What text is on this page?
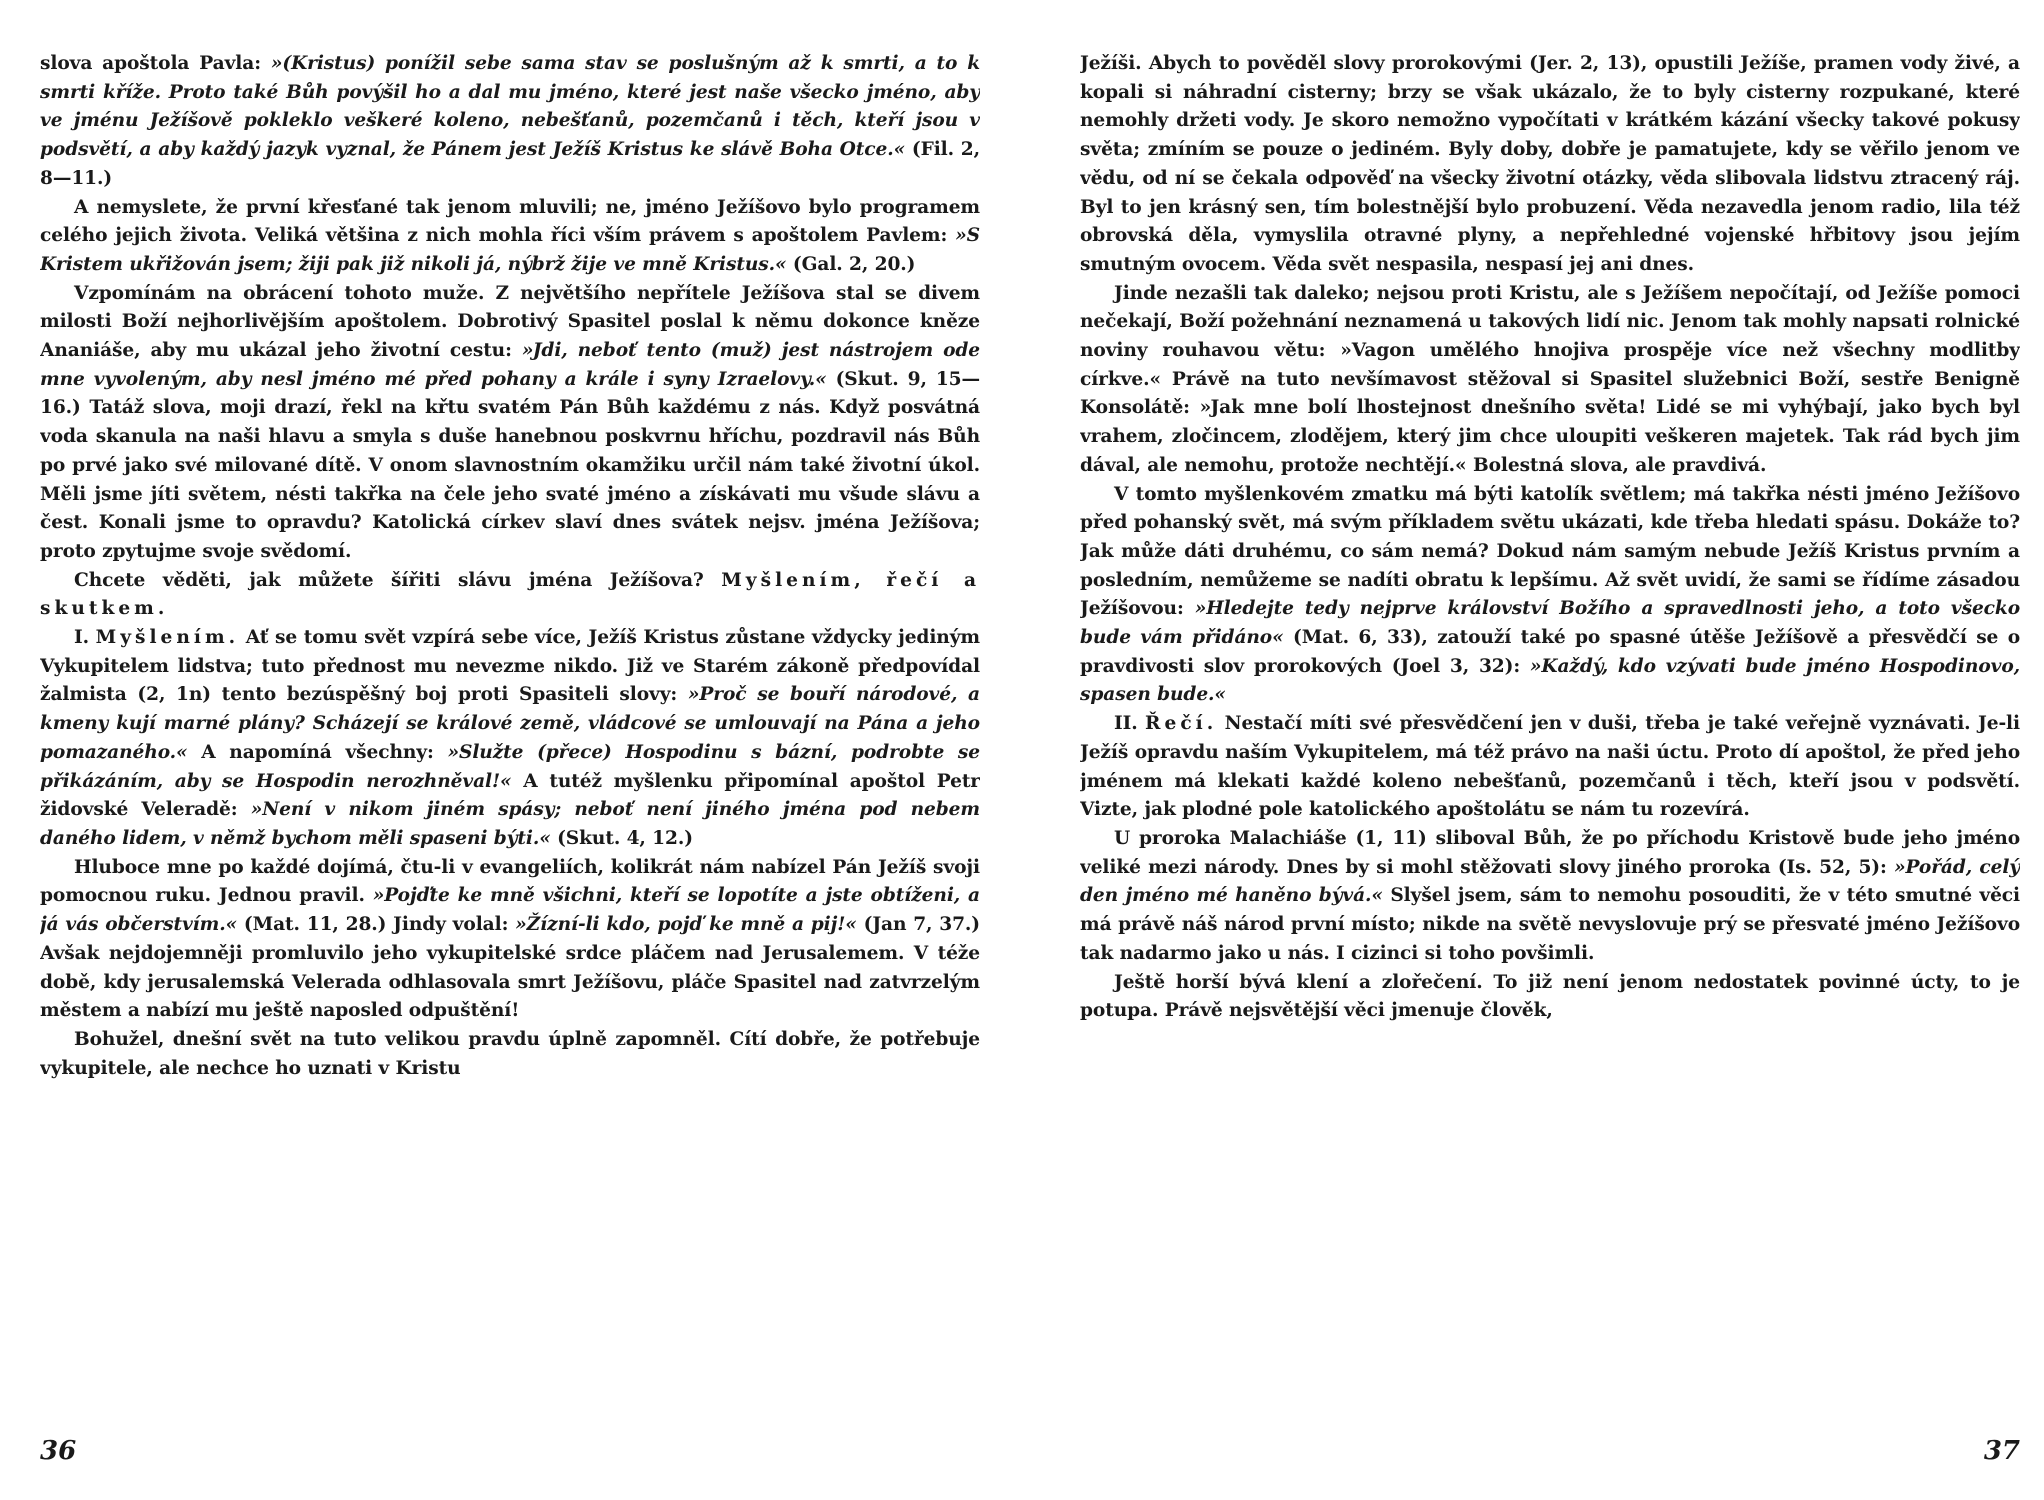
slova apoštola Pavla: »(Kristus) ponížil sebe sama stav se poslušným až k smrti, a to k smrti kříže. Proto také Bůh povýšil ho a dal mu jméno, které jest naše všecko jméno, aby ve jménu Ježíšově pokleklo veškeré koleno, nebešťanů, pozemčanů i těch, kteří jsou v podsvětí, a aby každý jazyk vyznal, že Pánem jest Ježíš Kristus ke slávě Boha Otce.« (Fil. 2, 8—11.)

A nemyslete, že první křesťané tak jenom mluvili; ne, jméno Ježíšovo bylo programem celého jejich života. Veliká většina z nich mohla říci vším právem s apoštolem Pavlem: »S Kristem ukřižován jsem; žiji pak již nikoli já, nýbrž žije ve mně Kristus.« (Gal. 2, 20.)

Vzpomínám na obrácení tohoto muže. Z největšího nepřítele Ježíšova stal se divem milosti Boží nejhorlivějším apoštolem. Dobrotivý Spasitel poslal k němu dokonce kněze Ananiáše, aby mu ukázal jeho životní cestu: »Jdi, neboť tento (muž) jest nástrojem ode mne vyvoleným, aby nesl jméno mé před pohany a krále i syny Izraelovy.« (Skut. 9, 15—16.) Tatáž slova, moji drazí, řekl na křtu svatém Pán Bůh každému z nás. Když posvátná voda skanula na naši hlavu a smyla s duše hanebnou poskvrnu hříchu, pozdravil nás Bůh po prvé jako své milované dítě. V onom slavnostním okamžiku určil nám také životní úkol. Měli jsme jíti světem, nésti takřka na čele jeho svaté jméno a získávati mu všude slávu a čest. Konali jsme to opravdu? Katolická církev slaví dnes svátek nejsv. jména Ježíšova; proto zpytujme svoje svědomí.

Chcete věděti, jak můžete šířiti slávu jména Ježíšova? Myšlením, řečí a skutkem.

I. Myšlením. Ať se tomu svět vzpírá sebe více, Ježíš Kristus zůstane vždycky jediným Vykupitelem lidstva; tuto přednost mu nevezme nikdo. Již ve Starém zákoně předpovídal žalmista (2, 1n) tento bezúspěšný boj proti Spasiteli slovy: »Proč se bouří národové, a kmeny kují marné plány? Scházejí se králové země, vládcové se umlouvají na Pána a jeho pomazaného.« A napomíná všechny: »Služte (přece) Hospodinu s bázní, podrobte se přikázáním, aby se Hospodin nerozhněval!« A tutéž myšlenku připomínal apoštol Petr židovské Veleradě: »Není v nikom jiném spásy; neboť není jiného jména pod nebem daného lidem, v němž bychom měli spaseni býti.« (Skut. 4, 12.)

Hluboce mne po každé dojímá, čtu-li v evangeliích, kolikrát nám nabízel Pán Ježíš svoji pomocnou ruku. Jednou pravil. »Pojďte ke mně všichni, kteří se lopotíte a jste obtíženi, a já vás občerstvím.« (Mat. 11, 28.) Jindy volal: »Žízní-li kdo, pojď ke mně a pij!« (Jan 7, 37.) Avšak nejdojemněji promluvilo jeho vykupitelské srdce pláčem nad Jerusalemem. V téže době, kdy jerusalemská Velerada odhlasovala smrt Ježíšovu, pláče Spasitel nad zatvrzelým městem a nabízí mu ještě naposled odpuštění!

Bohužel, dnešní svět na tuto velikou pravdu úplně zapomněl. Cítí dobře, že potřebuje vykupitele, ale nechce ho uznati v Kristu

36

Ježíši. Abych to pověděl slovy prorokovými (Jer. 2, 13), opustili Ježíše, pramen vody živé, a kopali si náhradní cisterny; brzy se však ukázalo, že to byly cisterny rozpukané, které nemohly držeti vody. Je skoro nemožno vypočítati v krátkém kázání všecky takové pokusy světa; zmíním se pouze o jediném. Byly doby, dobře je pamatujete, kdy se věřilo jenom ve vědu, od ní se čekala odpověď na všecky životní otázky, věda slibovala lidstvu ztracený ráj. Byl to jen krásný sen, tím bolestnější bylo probuzení. Věda nezavedla jenom radio, lila též obrovská děla, vymyslila otravné plyny, a nepřehledné vojenské hřbitovy jsou jejím smutným ovocem. Věda svět nespasila, nespasí jej ani dnes.

Jinde nezašli tak daleko; nejsou proti Kristu, ale s Ježíšem nepočítají, od Ježíše pomoci nečekají, Boží požehnání neznamená u takových lidí nic. Jenom tak mohly napsati rolnické noviny rouhavou větu: »Vagon umělého hnojiva prospěje více než všechny modlitby církve.« Právě na tuto nevšímavost stěžoval si Spasitel služebnici Boží, sestře Benigně Konsolátě: »Jak mne bolí lhostejnost dnešního světa! Lidé se mi vyhýbají, jako bych byl vrahem, zločincem, zlodějem, který jim chce uloupiti veškeren majetek. Tak rád bych jim dával, ale nemohu, protože nechtějí.« Bolestná slova, ale pravdivá.

V tomto myšlenkovém zmatku má býti katolík světlem; má takřka nésti jméno Ježíšovo před pohanský svět, má svým příkladem světu ukázati, kde třeba hledati spásu. Dokáže to? Jak může dáti druhému, co sám nemá? Dokud nám samým nebude Ježíš Kristus prvním a posledním, nemůžeme se nadíti obratu k lepšímu. Až svět uvidí, že sami se řídíme zásadou Ježíšovou: »Hledejte tedy nejprve království Božího a spravedlnosti jeho, a toto všecko bude vám přidáno« (Mat. 6, 33), zatouží také po spasné útěše Ježíšově a přesvědčí se o pravdivosti slov prorokových (Joel 3, 32): »Každý, kdo vzývati bude jméno Hospodinovo, spasen bude.«

II. Řečí. Nestačí míti své přesvědčení jen v duši, třeba je také veřejně vyznávati. Je-li Ježíš opravdu naším Vykupitelem, má též právo na naši úctu. Proto dí apoštol, že před jeho jménem má klekati každé koleno nebešťanů, pozemčanů i těch, kteří jsou v podsvětí. Vizte, jak plodné pole katolického apoštolátu se nám tu rozevírá.

U proroka Malachiáše (1, 11) sliboval Bůh, že po příchodu Kristově bude jeho jméno veliké mezi národy. Dnes by si mohl stěžovati slovy jiného proroka (Is. 52, 5): »Pořád, celý den jméno mé haněno bývá.« Slyšel jsem, sám to nemohu posouditi, že v této smutné věci má právě náš národ první místo; nikde na světě nevyslovuje prý se přesvaté jméno Ježíšovo tak nadarmo jako u nás. I cizinci si toho povšimli.

Ještě horší bývá klení a zlořečení. To již není jenom nedostatek povinné úcty, to je potupa. Právě nejsvětější věci jmenuje člověk,

37
